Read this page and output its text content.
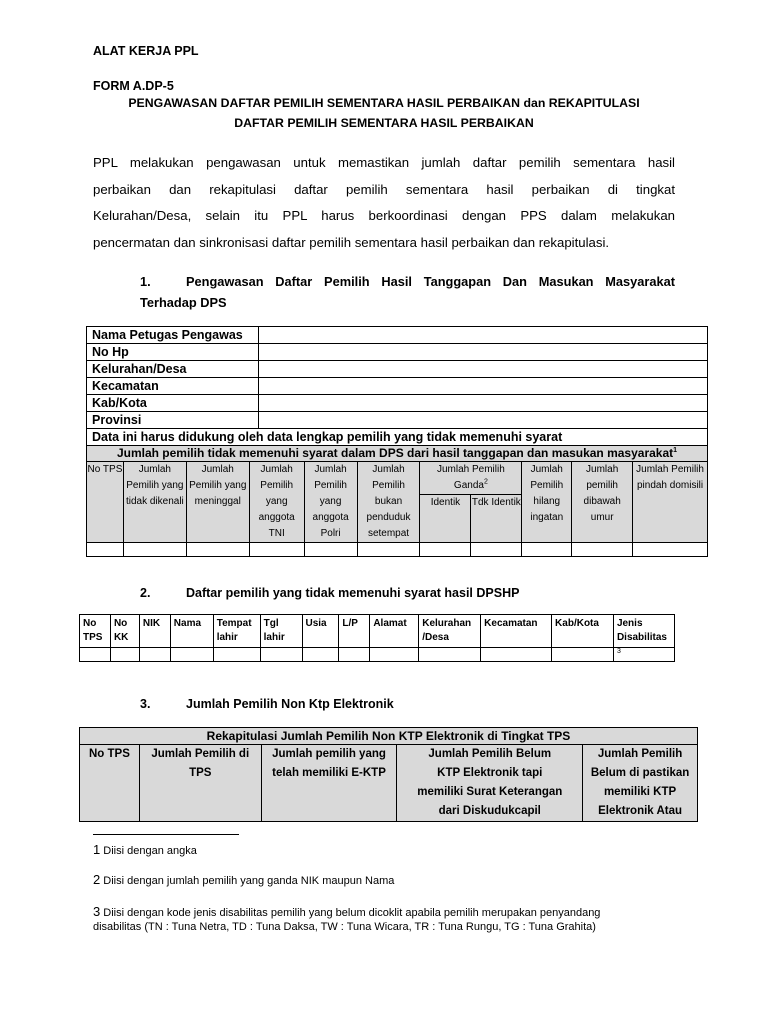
ALAT KERJA PPL
FORM A.DP-5
PENGAWASAN DAFTAR PEMILIH SEMENTARA HASIL PERBAIKAN dan REKAPITULASI
DAFTAR PEMILIH SEMENTARA HASIL PERBAIKAN
PPL melakukan pengawasan untuk memastikan jumlah daftar pemilih sementara hasil
perbaikan dan rekapitulasi daftar pemilih sementara hasil perbaikan di tingkat
Kelurahan/Desa, selain itu PPL harus berkoordinasi dengan PPS dalam melakukan
pencermatan dan sinkronisasi daftar pemilih sementara hasil perbaikan dan rekapitulasi.
1.	Pengawasan Daftar Pemilih Hasil Tanggapan Dan Masukan Masyarakat
Terhadap DPS
Nama Petugas Pengawas	
No Hp	
Kelurahan/Desa	
Kecamatan	
Kab/Kota	
Provinsi	
Data ini harus didukung oleh data lengkap pemilih yang tidak memenuhi syarat	
Jumlah pemilih tidak memenuhi syarat dalam DPS dari hasil tanggapan dan masukan masyarakat$^1$
No TPS	Jumlah Pemilih yang tidak dikenali	Jumlah Pemilih yang meninggal	Jumlah Pemilih yang anggota TNI	Jumlah Pemilih yang anggota Polri	Jumlah Pemilih bukan penduduk setempat	Jumlah Pemilih Ganda$^2$		Jumlah Pemilih hilang ingatan	Jumlah pemilih dibawah umur	Jumlah Pemilih pindah domisili
						Identik	Tdk Identik			

2.	Daftar pemilih yang tidak memenuhi syarat hasil DPSHP
No TPS	No KK	NIK	Nama	Tempat lahir	Tgl lahir	Usia	L/P	Alamat	Kelurahan /Desa	Kecamatan	Kab/Kota	Jenis Disabilitas
												3
3.	Jumlah Pemilih Non Ktp Elektronik
Rekapitulasi Jumlah Pemilih Non KTP Elektronik di Tingkat TPS
No TPS	Jumlah Pemilih di TPS	Jumlah pemilih yang telah memiliki E-KTP	Jumlah Pemilih Belum KTP Elektronik tapi memiliki Surat Keterangan dari Diskudukcapil	Jumlah Pemilih Belum di pastikan memiliki KTP Elektronik Atau
1 Diisi dengan angka
2 Diisi dengan jumlah pemilih yang ganda NIK maupun Nama
3 Diisi dengan kode jenis disabilitas pemilih yang belum dicoklit apabila pemilih merupakan penyandang
disabilitas (TN : Tuna Netra, TD : Tuna Daksa, TW : Tuna Wicara, TR : Tuna Rungu, TG : Tuna Grahita)
